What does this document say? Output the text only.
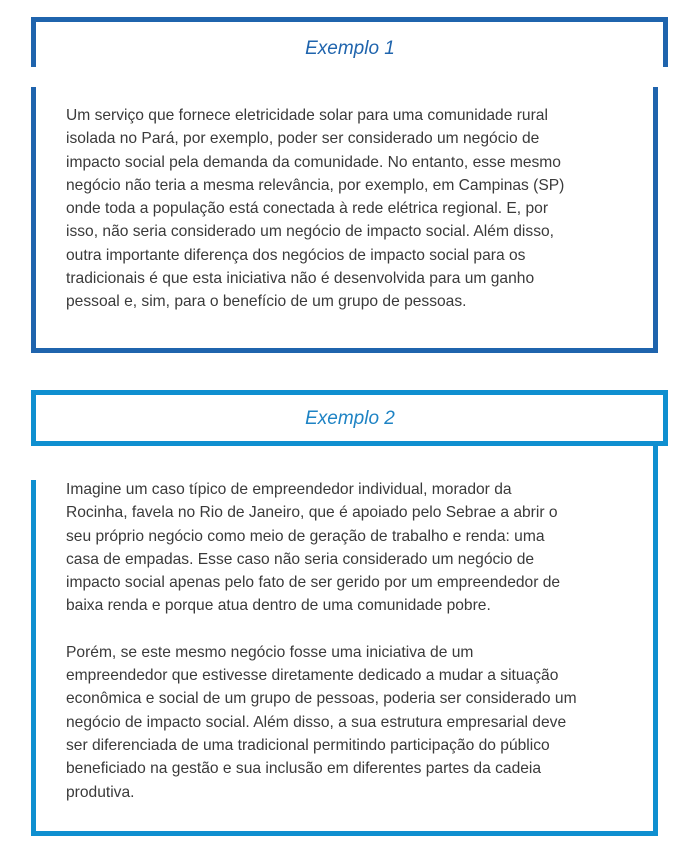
Exemplo 1

Um serviço que fornece eletricidade solar para uma comunidade rural
isolada no Pará, por exemplo, poder ser considerado um negócio de
impacto social pela demanda da comunidade. No entanto, esse mesmo
negócio não teria a mesma relevância, por exemplo, em Campinas (SP)
onde toda a população está conectada à rede elétrica regional. E, por
isso, não seria considerado um negócio de impacto social. Além disso,
outra importante diferença dos negócios de impacto social para os
tradicionais é que esta iniciativa não é desenvolvida para um ganho
pessoal e, sim, para o benefício de um grupo de pessoas.

Exemplo 2

Imagine um caso típico de empreendedor individual, morador da
Rocinha, favela no Rio de Janeiro, que é apoiado pelo Sebrae a abrir o
seu próprio negócio como meio de geração de trabalho e renda: uma
casa de empadas. Esse caso não seria considerado um negócio de
impacto social apenas pelo fato de ser gerido por um empreendedor de
baixa renda e porque atua dentro de uma comunidade pobre.

Porém, se este mesmo negócio fosse uma iniciativa de um
empreendedor que estivesse diretamente dedicado a mudar a situação
econômica e social de um grupo de pessoas, poderia ser considerado um
negócio de impacto social. Além disso, a sua estrutura empresarial deve
ser diferenciada de uma tradicional permitindo participação do público
beneficiado na gestão e sua inclusão em diferentes partes da cadeia
produtiva.
